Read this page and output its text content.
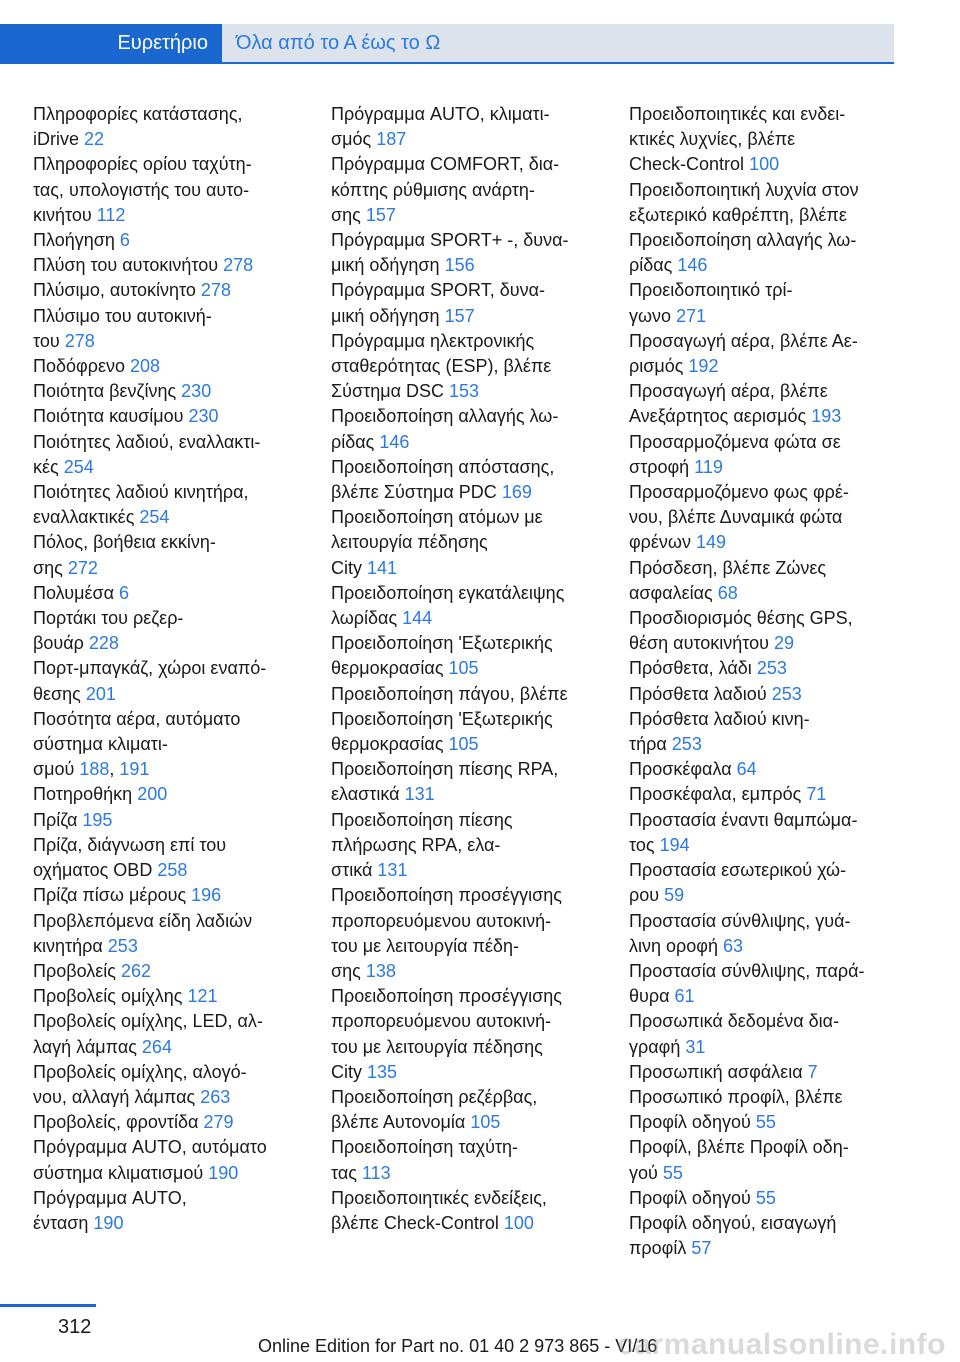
Ευρετήριο	Όλα από το Α έως το Ω
Πληροφορίες κατάστασης,
iDrive 22
Πληροφορίες ορίου ταχύτη-
τας, υπολογιστής του αυτο-
κινήτου 112
Πλοήγηση 6
Πλύση του αυτοκινήτου 278
Πλύσιμο, αυτοκίνητο 278
Πλύσιμο του αυτοκινή-
του 278
Ποδόφρενο 208
Ποιότητα βενζίνης 230
Ποιότητα καυσίμου 230
Ποιότητες λαδιού, εναλλακτι-
κές 254
Ποιότητες λαδιού κινητήρα,
εναλλακτικές 254
Πόλος, βοήθεια εκκίνη-
σης 272
Πολυμέσα 6
Πορτάκι του ρεζερ-
βουάρ 228
Πορτ-μπαγκάζ, χώροι εναπό-
θεσης 201
Ποσότητα αέρα, αυτόματο
σύστημα κλιματι-
σμού 188, 191
Ποτηροθήκη 200
Πρίζα 195
Πρίζα, διάγνωση επί του
οχήματος OBD 258
Πρίζα πίσω μέρους 196
Προβλεπόμενα είδη λαδιών
κινητήρα 253
Προβολείς 262
Προβολείς ομίχλης 121
Προβολείς ομίχλης, LED, αλ-
λαγή λάμπας 264
Προβολείς ομίχλης, αλογό-
νου, αλλαγή λάμπας 263
Προβολείς, φροντίδα 279
Πρόγραμμα AUTO, αυτόματο
σύστημα κλιματισμού 190
Πρόγραμμα AUTO,
ένταση 190
Πρόγραμμα AUTO, κλιματι-
σμός 187
Πρόγραμμα COMFORT, δια-
κόπτης ρύθμισης ανάρτη-
σης 157
Πρόγραμμα SPORT+ -, δυνα-
μική οδήγηση 156
Πρόγραμμα SPORT, δυνα-
μική οδήγηση 157
Πρόγραμμα ηλεκτρονικής
σταθερότητας (ESP), βλέπε
Σύστημα DSC 153
Προειδοποίηση αλλαγής λω-
ρίδας 146
Προειδοποίηση απόστασης,
βλέπε Σύστημα PDC 169
Προειδοποίηση ατόμων με
λειτουργία πέδησης
City 141
Προειδοποίηση εγκατάλειψης
λωρίδας 144
Προειδοποίηση 'Εξωτερικής
θερμοκρασίας 105
Προειδοποίηση πάγου, βλέπε
Προειδοποίηση 'Εξωτερικής
θερμοκρασίας 105
Προειδοποίηση πίεσης RPA,
ελαστικά 131
Προειδοποίηση πίεσης
πλήρωσης RPA, ελα-
στικά 131
Προειδοποίηση προσέγγισης
προπορευόμενου αυτοκινή-
του με λειτουργία πέδη-
σης 138
Προειδοποίηση προσέγγισης
προπορευόμενου αυτοκινή-
του με λειτουργία πέδησης
City 135
Προειδοποίηση ρεζέρβας,
βλέπε Αυτονομία 105
Προειδοποίηση ταχύτη-
τας 113
Προειδοποιητικές ενδείξεις,
βλέπε Check-Control 100
Προειδοποιητικές και ενδει-
κτικές λυχνίες, βλέπε
Check-Control 100
Προειδοποιητική λυχνία στον
εξωτερικό καθρέπτη, βλέπε
Προειδοποίηση αλλαγής λω-
ρίδας 146
Προειδοποιητικό τρί-
γωνο 271
Προσαγωγή αέρα, βλέπε Αε-
ρισμός 192
Προσαγωγή αέρα, βλέπε
Ανεξάρτητος αερισμός 193
Προσαρμοζόμενα φώτα σε
στροφή 119
Προσαρμοζόμενο φως φρέ-
νου, βλέπε Δυναμικά φώτα
φρένων 149
Πρόσδεση, βλέπε Ζώνες
ασφαλείας 68
Προσδιορισμός θέσης GPS,
θέση αυτοκινήτου 29
Πρόσθετα, λάδι 253
Πρόσθετα λαδιού 253
Πρόσθετα λαδιού κινη-
τήρα 253
Προσκέφαλα 64
Προσκέφαλα, εμπρός 71
Προστασία έναντι θαμπώμα-
τος 194
Προστασία εσωτερικού χώ-
ρου 59
Προστασία σύνθλιψης, γυά-
λινη οροφή 63
Προστασία σύνθλιψης, παρά-
θυρα 61
Προσωπικά δεδομένα δια-
γραφή 31
Προσωπική ασφάλεια 7
Προσωπικό προφίλ, βλέπε
Προφίλ οδηγού 55
Προφίλ, βλέπε Προφίλ οδη-
γού 55
Προφίλ οδηγού 55
Προφίλ οδηγού, εισαγωγή
προφίλ 57
312
Online Edition for Part no. 01 40 2 973 865 - VI/16
carmanualsonline.info
